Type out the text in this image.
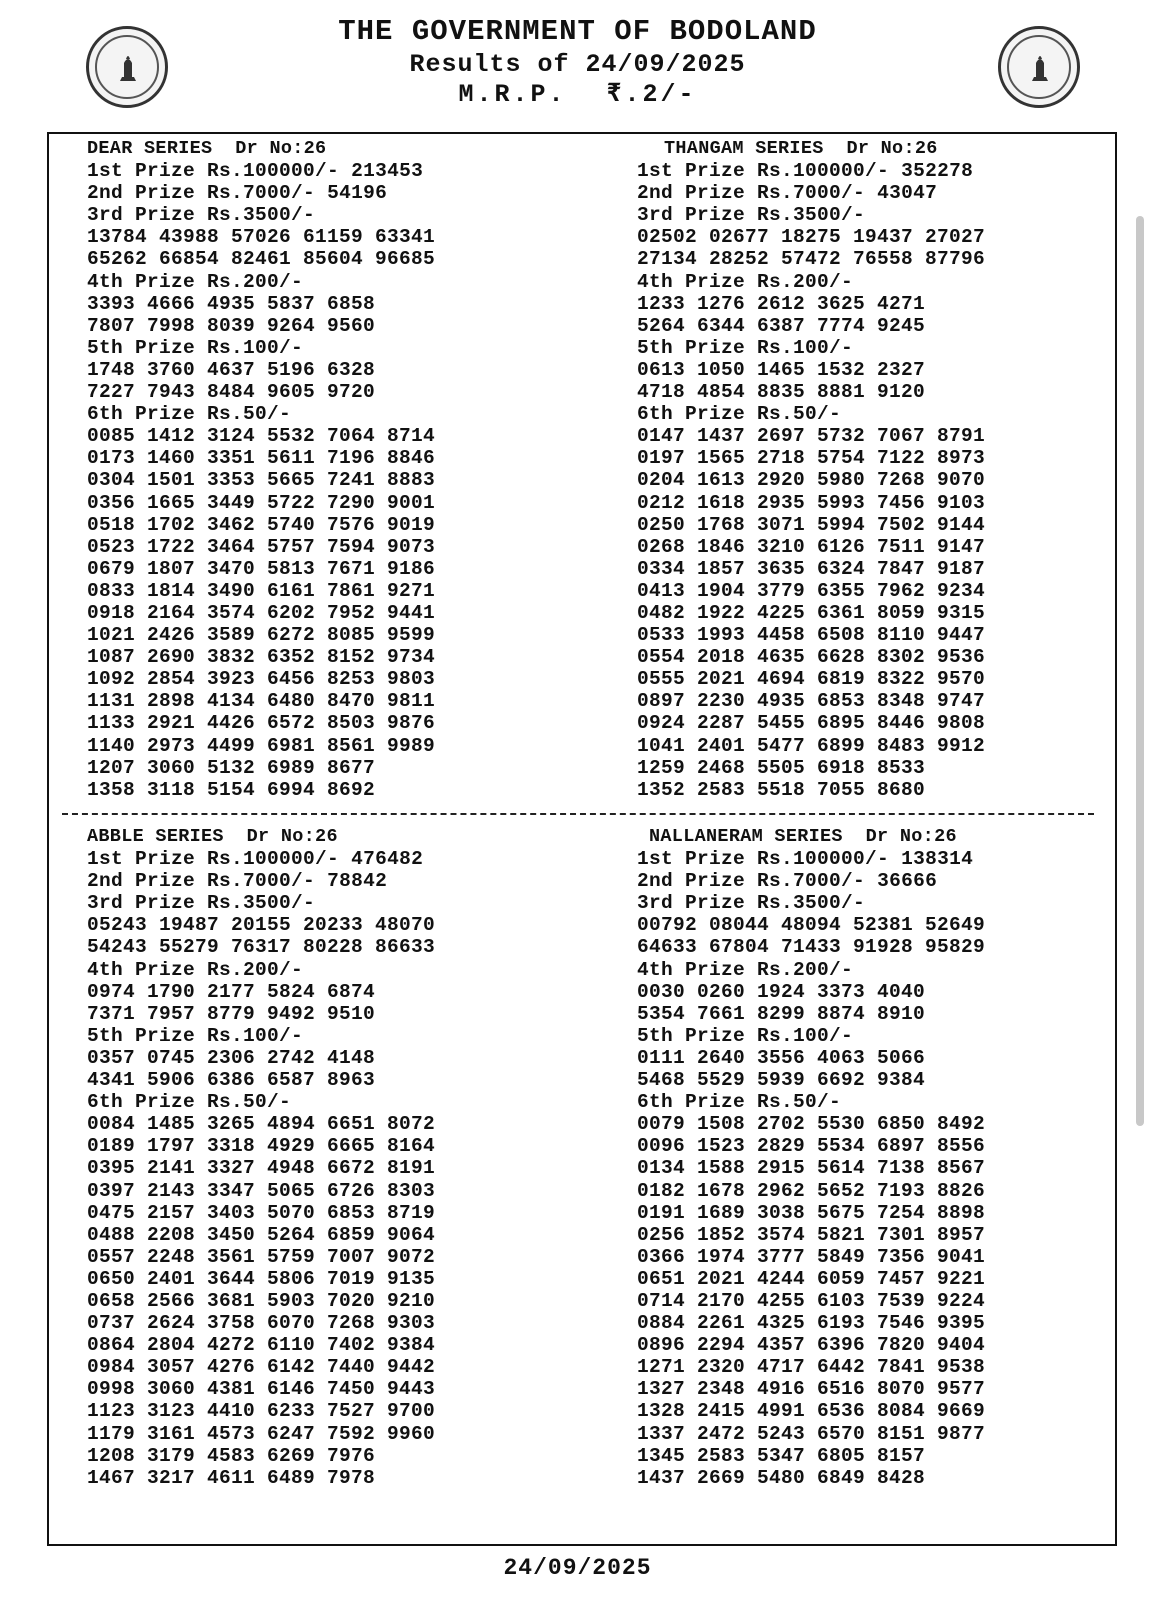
THE GOVERNMENT OF BODOLAND
Results of 24/09/2025
M.R.P. ₹.2/-
DEAR SERIES Dr No:26
1st Prize Rs.100000/- 213453
2nd Prize Rs.7000/- 54196
3rd Prize Rs.3500/-
13784 43988 57026 61159 63341
65262 66854 82461 85604 96685
4th Prize Rs.200/-
3393 4666 4935 5837 6858
7807 7998 8039 9264 9560
5th Prize Rs.100/-
1748 3760 4637 5196 6328
7227 7943 8484 9605 9720
6th Prize Rs.50/-
0085 1412 3124 5532 7064 8714
0173 1460 3351 5611 7196 8846
0304 1501 3353 5665 7241 8883
0356 1665 3449 5722 7290 9001
0518 1702 3462 5740 7576 9019
0523 1722 3464 5757 7594 9073
0679 1807 3470 5813 7671 9186
0833 1814 3490 6161 7861 9271
0918 2164 3574 6202 7952 9441
1021 2426 3589 6272 8085 9599
1087 2690 3832 6352 8152 9734
1092 2854 3923 6456 8253 9803
1131 2898 4134 6480 8470 9811
1133 2921 4426 6572 8503 9876
1140 2973 4499 6981 8561 9989
1207 3060 5132 6989 8677
1358 3118 5154 6994 8692
THANGAM SERIES Dr No:26
1st Prize Rs.100000/- 352278
2nd Prize Rs.7000/- 43047
3rd Prize Rs.3500/-
02502 02677 18275 19437 27027
27134 28252 57472 76558 87796
4th Prize Rs.200/-
1233 1276 2612 3625 4271
5264 6344 6387 7774 9245
5th Prize Rs.100/-
0613 1050 1465 1532 2327
4718 4854 8835 8881 9120
6th Prize Rs.50/-
0147 1437 2697 5732 7067 8791
0197 1565 2718 5754 7122 8973
0204 1613 2920 5980 7268 9070
0212 1618 2935 5993 7456 9103
0250 1768 3071 5994 7502 9144
0268 1846 3210 6126 7511 9147
0334 1857 3635 6324 7847 9187
0413 1904 3779 6355 7962 9234
0482 1922 4225 6361 8059 9315
0533 1993 4458 6508 8110 9447
0554 2018 4635 6628 8302 9536
0555 2021 4694 6819 8322 9570
0897 2230 4935 6853 8348 9747
0924 2287 5455 6895 8446 9808
1041 2401 5477 6899 8483 9912
1259 2468 5505 6918 8533
1352 2583 5518 7055 8680
ABBLE SERIES Dr No:26
1st Prize Rs.100000/- 476482
2nd Prize Rs.7000/- 78842
3rd Prize Rs.3500/-
05243 19487 20155 20233 48070
54243 55279 76317 80228 86633
4th Prize Rs.200/-
0974 1790 2177 5824 6874
7371 7957 8779 9492 9510
5th Prize Rs.100/-
0357 0745 2306 2742 4148
4341 5906 6386 6587 8963
6th Prize Rs.50/-
0084 1485 3265 4894 6651 8072
0189 1797 3318 4929 6665 8164
0395 2141 3327 4948 6672 8191
0397 2143 3347 5065 6726 8303
0475 2157 3403 5070 6853 8719
0488 2208 3450 5264 6859 9064
0557 2248 3561 5759 7007 9072
0650 2401 3644 5806 7019 9135
0658 2566 3681 5903 7020 9210
0737 2624 3758 6070 7268 9303
0864 2804 4272 6110 7402 9384
0984 3057 4276 6142 7440 9442
0998 3060 4381 6146 7450 9443
1123 3123 4410 6233 7527 9700
1179 3161 4573 6247 7592 9960
1208 3179 4583 6269 7976
1467 3217 4611 6489 7978
NALLANERAM SERIES Dr No:26
1st Prize Rs.100000/- 138314
2nd Prize Rs.7000/- 36666
3rd Prize Rs.3500/-
00792 08044 48094 52381 52649
64633 67804 71433 91928 95829
4th Prize Rs.200/-
0030 0260 1924 3373 4040
5354 7661 8299 8874 8910
5th Prize Rs.100/-
0111 2640 3556 4063 5066
5468 5529 5939 6692 9384
6th Prize Rs.50/-
0079 1508 2702 5530 6850 8492
0096 1523 2829 5534 6897 8556
0134 1588 2915 5614 7138 8567
0182 1678 2962 5652 7193 8826
0191 1689 3038 5675 7254 8898
0256 1852 3574 5821 7301 8957
0366 1974 3777 5849 7356 9041
0651 2021 4244 6059 7457 9221
0714 2170 4255 6103 7539 9224
0884 2261 4325 6193 7546 9395
0896 2294 4357 6396 7820 9404
1271 2320 4717 6442 7841 9538
1327 2348 4916 6516 8070 9577
1328 2415 4991 6536 8084 9669
1337 2472 5243 6570 8151 9877
1345 2583 5347 6805 8157
1437 2669 5480 6849 8428
24/09/2025
